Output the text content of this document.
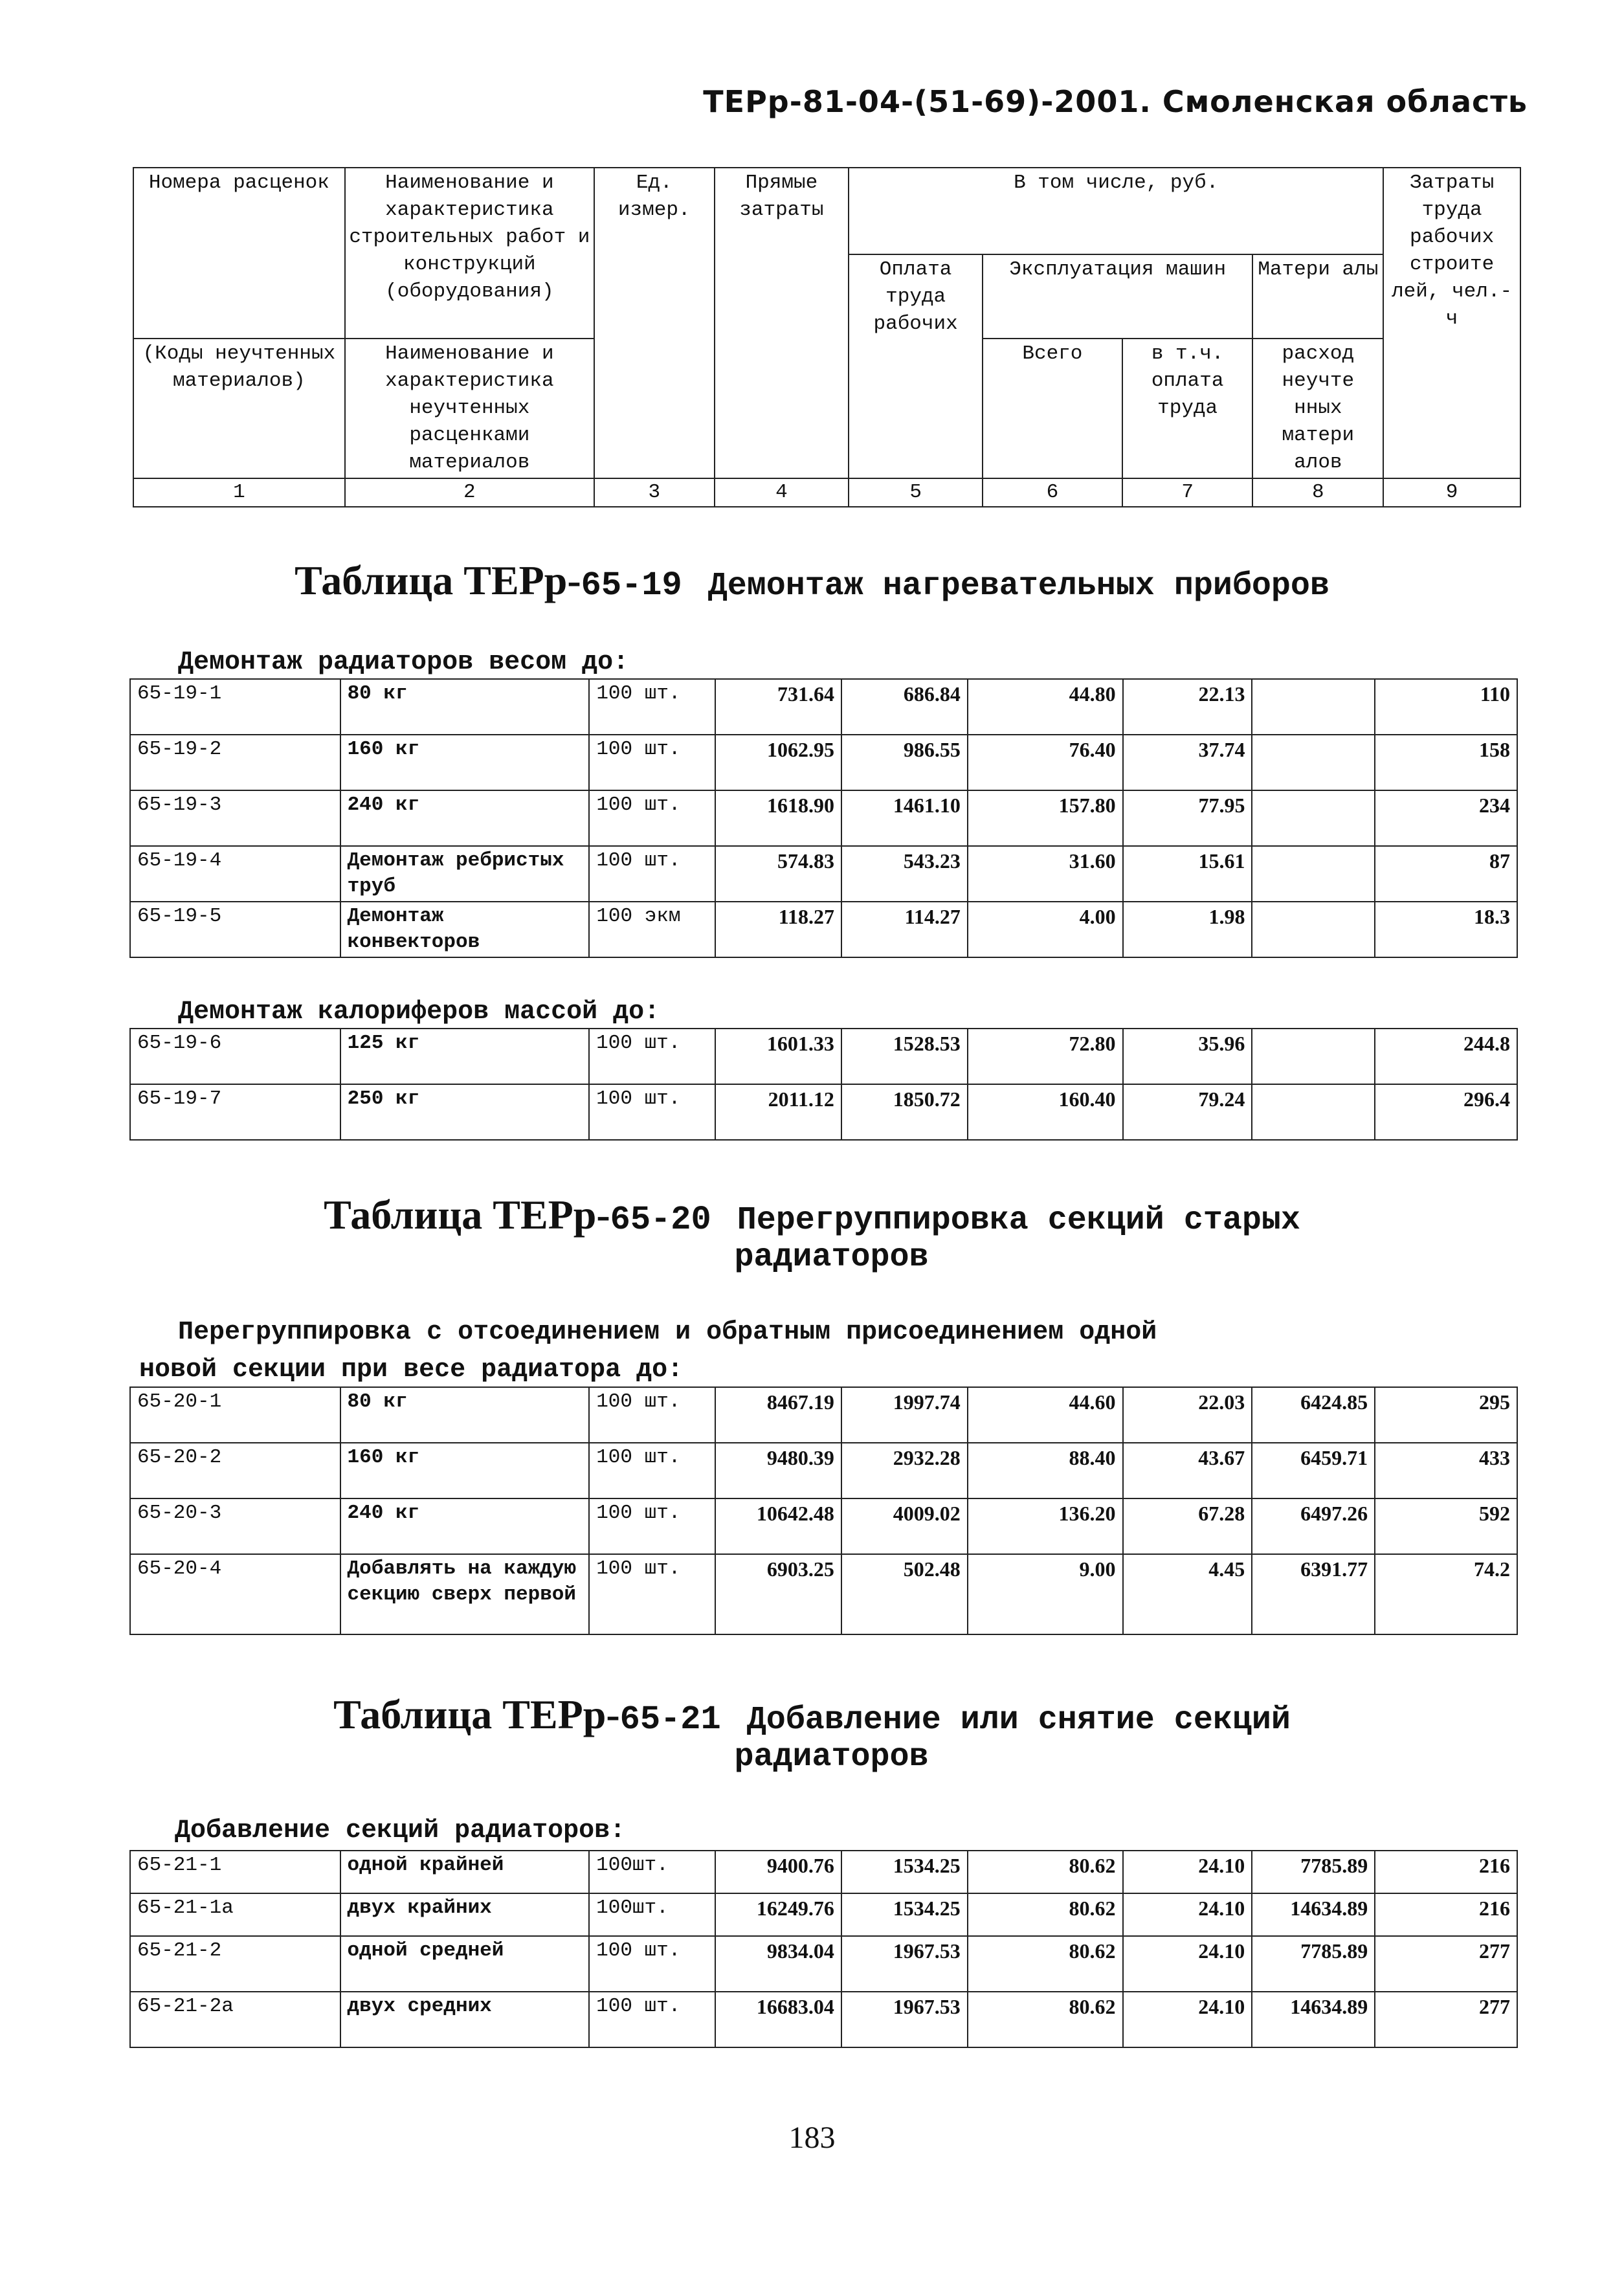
ТЕРр-81-04-(51-69)-2001. Смоленская область
Номера расценок	Наименование и характеристика строительных работ и конструкций (оборудования)	Ед. измер.	Прямые затраты	В том числе, руб.				Затраты труда рабочих строите лей, чел.-ч
				Оплата труда рабочих	Эксплуатация машин		Матери алы	
(Коды неучтенных материалов)	Наименование и характеристика неучтенных расценками материалов				Всего	в т.ч. оплата труда	расход неучте нных матери алов	
1	2	3	4	5	6	7	8	9
Таблица ТЕРр-65-19 Демонтаж нагревательных приборов
Демонтаж радиаторов весом до:
65-19-1	80 кг	100 шт.	731.64	686.84	44.80	22.13		110
65-19-2	160 кг	100 шт.	1062.95	986.55	76.40	37.74		158
65-19-3	240 кг	100 шт.	1618.90	1461.10	157.80	77.95		234
65-19-4	Демонтаж ребристых труб	100 шт.	574.83	543.23	31.60	15.61		87
65-19-5	Демонтаж конвекторов	100 экм	118.27	114.27	4.00	1.98		18.3
Демонтаж калориферов массой до:
65-19-6	125 кг	100 шт.	1601.33	1528.53	72.80	35.96		244.8
65-19-7	250 кг	100 шт.	2011.12	1850.72	160.40	79.24		296.4
Таблица ТЕРр-65-20 Перегруппировка секций старых
радиаторов
Перегруппировка с отсоединением и обратным присоединением одной
новой секции при весе радиатора до:
65-20-1	80 кг	100 шт.	8467.19	1997.74	44.60	22.03	6424.85	295
65-20-2	160 кг	100 шт.	9480.39	2932.28	88.40	43.67	6459.71	433
65-20-3	240 кг	100 шт.	10642.48	4009.02	136.20	67.28	6497.26	592
65-20-4	Добавлять на каждую секцию сверх первой	100 шт.	6903.25	502.48	9.00	4.45	6391.77	74.2
Таблица ТЕРр-65-21 Добавление или снятие секций
радиаторов
Добавление секций радиаторов:
65-21-1	одной крайней	100шт.	9400.76	1534.25	80.62	24.10	7785.89	216
65-21-1a	двух крайних	100шт.	16249.76	1534.25	80.62	24.10	14634.89	216
65-21-2	одной средней	100 шт.	9834.04	1967.53	80.62	24.10	7785.89	277
65-21-2a	двух средних	100 шт.	16683.04	1967.53	80.62	24.10	14634.89	277
183
